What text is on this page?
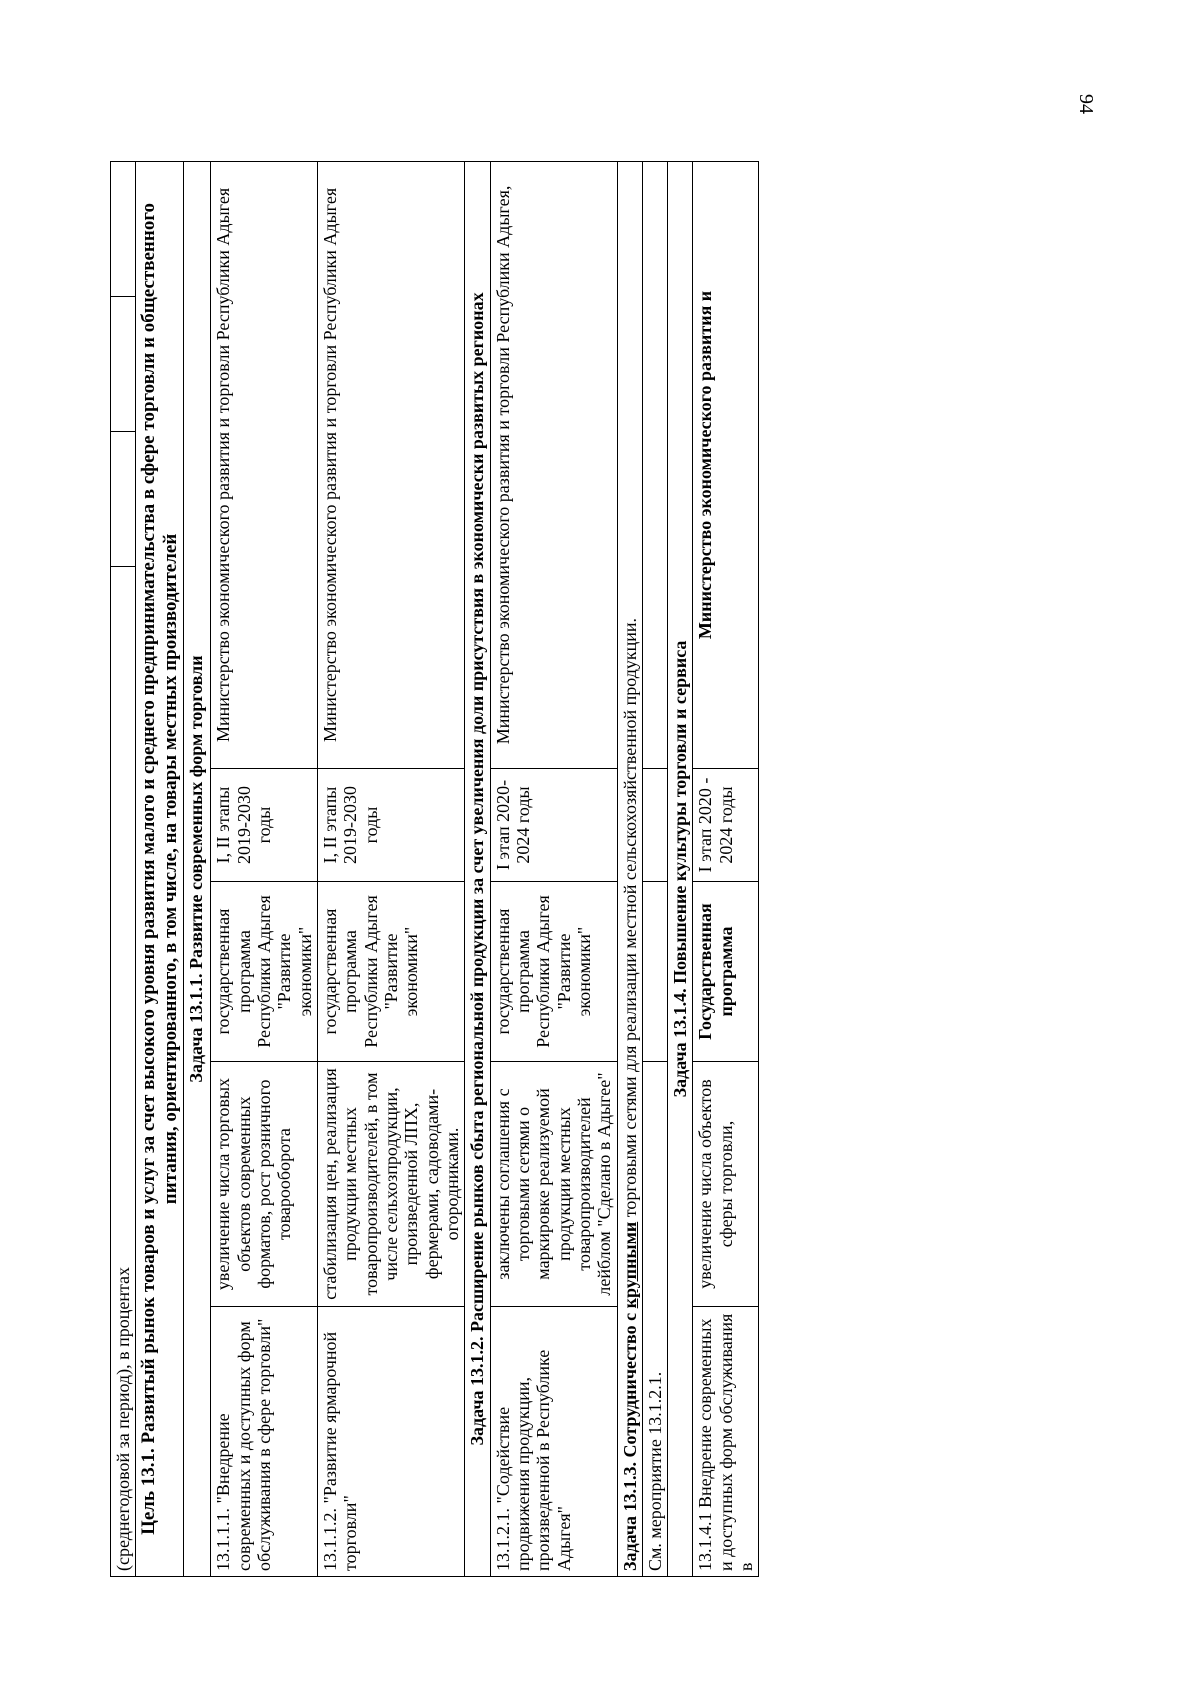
94
(среднегодовой за период), в процентах							
Цель 13.1. Развитый рынок товаров и услуг за счет высокого уровня развития малого и среднего предпринимательства в сфере торговли и общественного питания, ориентированного, в том числе, на товары местных производителей							
Задача 13.1.1. Развитие современных форм торговли							
13.1.1.1. "Внедрение современных и доступных форм обслуживания в сфере торговли"	увеличение числа торговых объектов современных форматов, рост розничного товарооборота	государственная программа Республики Адыгея "Развитие экономики"	I, II этапы 2019-2030 годы	Министерство экономического развития и торговли Республики Адыгея			
13.1.1.2. "Развитие ярмарочной торговли"	стабилизация цен, реализация продукции местных товаропроизводителей, в том числе сельхозпродукции, произведенной ЛПХ, фермерами, садоводами-огородниками.	государственная программа Республики Адыгея "Развитие экономики"	I, II этапы 2019-2030 годы	Министерство экономического развития и торговли Республики Адыгея			
Задача 13.1.2. Расширение рынков сбыта региональной продукции за счет увеличения доли присутствия в экономически развитых регионах							
13.1.2.1. "Содействие продвижения продукции, произведенной в Республике Адыгея"	заключены соглашения с торговыми сетями о маркировке реализуемой продукции местных товаропроизводителей лейблом "Сделано в Адыгее"	государственная программа Республики Адыгея "Развитие экономики"	I этап 2020-2024 годы	Министерство экономического развития и торговли Республики Адыгея,			
Задача 13.1.3. Сотрудничество с крупными торговыми сетями для реализации местной сельскохозяйственной продукции.							
См. мероприятие 13.1.2.1.							
Задача 13.1.4. Повышение культуры торговли и сервиса							
13.1.4.1 Внедрение современных и доступных форм обслуживания в	увеличение числа объектов сферы торговли,	Государственная программа	I этап 2020 - 2024 годы	Министерство экономического развития и			
